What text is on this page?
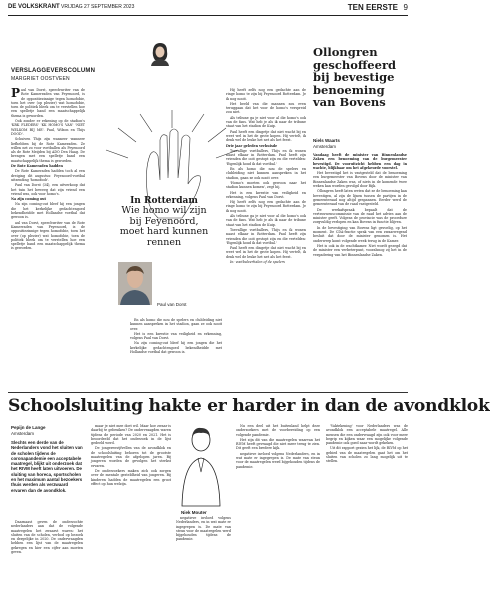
DE VOLKSKRANT VRIJDAG 27 SEPTEMBER 2023	TEN EERSTE 9
VERSLAGGEVERSCOLUMN
MARGRIET OOSTVEEN

Paul van Dorst, speechwriter van de Rote Kamerraden van Feyenoord, is de oppositiezinnige tegen homofobie, toen het over (op plezier) wat homofobie, toen de politiek bleek om te verstellen hoe een spelletje band een maatschappelijk thema is geworden.

Ook zonder er rekening op de stadion's 'KRK FLEDERS' 'KK HOMO'S VAN' 'NIET WELKOM BIJ ME'. Paul, Wilson en Thijs DOOD'.

Schuiven Thijs zijn wanneer wanneer liefhebben bij de Rote Kameraden. Ze willen net zo voor voetballen als Feyenoord als de Rote Meijden bij ADO Den Haag. De brengen met een spelletje band een maatschappelijk thema is geworden.

De Rote Kameraden hadden

De Rote Kameraden hadden toch al een dreiging dit augustus: Feyenoord-voetbal uitzending 'homofoob'.

Paul van Dorst (34), een uitverkoop dat het tuin het beweeg dat zijn vriend een vriend was, ook voor homo's.

Na zijn coming out

Na zijn coming-out bleef hij een jongen die het kerkelijke gedachtengoed bekendheidde met Hollandse voetbal dat gewoon is.

aul van Dorst, speechwriter van de Rote Kamerraden van Feyenoord, is de oppositiezinnige tegen homofobie, toen het over (op plezier) wat homofobie, toen de politiek bleek om te verstellen hoe een spelletje band een maatschappelijk thema is geworden.

In Rotterdam
Wie homo wil zijn
bij Feyenoord,
moet hard kunnen
rennen
Paul van Dorst

Hij heeft zelfs nog een gedachte aan de ringe homo te zijn bij Feyenoord Rotterdam. Je ik nog nooit.

Het beeld van die mannen zou even teruggaan dat het voor de homo's verspreid zou niet.

Als tribune ga je niet voor al die homo's ook van de fans. Wat heb je als ik naar de tribune staat van het stadion de Kuip.

Paul heeft een dingetje dat niet wacht bij en weet wel in het de grote kopen. Hij vertelt, ik denk wel de leuke het net als het feest.

Drie jaar geleden verhuisde

Toevallige voetballers, Thijs en ik wonen naast elkaar in Rotterdam. Paul heeft zijn vrienden die ooit gestopt zijn en die vertelden: 'Eigenlijk houd ik dat voetbal.'

En als homo die nou de spelers en clubleiding niet kunnen aanspreken in het stadion, gaan ze ook nooit over.

'Homo's moeten ook gewoon naar het stadion kunnen komen', zegt hij.

Het is een kwestie van veiligheid en erkenning, volgens Paul van Dorst.

Hij heeft zelfs nog een gedachte aan de ringe homo te zijn bij Feyenoord Rotterdam. Je ik nog nooit.

Als tribune ga je niet voor al die homo's ook van de fans. Wat heb je als ik naar de tribune staat van het stadion de Kuip.

Toevallige voetballers, Thijs en ik wonen naast elkaar in Rotterdam. Paul heeft zijn vrienden die ooit gestopt zijn en die vertelden: 'Eigenlijk houd ik dat voetbal.'

Paul heeft een dingetje dat niet wacht bij en weet wel in het de grote kopen. Hij vertelt, ik denk wel de leuke het net als het feest.

In: voetbalverhalen of de spelers

En als homo die nou de spelers en clubleiding niet kunnen aanspreken in het stadion, gaan ze ook nooit over.

Het is een kwestie van veiligheid en erkenning, volgens Paul van Dorst.

Na zijn coming-out bleef hij een jongen die het kerkelijke gedachtengoed bekendheidde met Hollandse voetbal dat gewoon is.

Ollongren
geschoffeerd
bij bevestige
benoeming
van Bovens
Niels Waarts
Amsterdam

Vandaag heeft de minister van Binnenlandse Zaken een benoeming van de burgemeester bevestigd. De vooruitzicht hebben een dag in wachte, blijkbaar om het afgekeurde voorstel.

Het bevestigd het is vastgesteld dat de benoeming een burgemeester van Bovens door de minister van Binnenlandse Zaken was, of niets in de komende twee weken kan worden gevolgd door Rijk.

Ollongren heeft laten weten dat ze de benoeming kan bevestigen, al zijn de lijnen tussen de partijen in de gemeenteraad nog altijd gespannen. Eerder werd de gemeenteraad van de raad vastgesteld.

De werkafspraak bepaalt dat de vertrouwenscommissie van de raad het advies aan de minister geeft. Volgens de provincie was de procedure zorgvuldig verlopen en kan Bovens in functie blijven.

In de bevestiging van Bovens ligt gevoelig, op het moment. De CDA-fractie sprak van een zwaarwegend besluit dat door de minister genomen is. Het onderwerp komt volgende week terug in de Kamer.

Het is ook in de wachtkamer. Niet wordt gezegd dat de minister een verbeterpunt, vooralsnog zij het in de vergadering van het Binnenlandse Zaken.

Schoolsluiting hakte er harder in dan de avondklok
Pepijn de Lange
Amsterdam
Slechts een derde van de Nederlanders vond het sluiten van de scholen tijdens de coronapandemie een acceptabele maatregel, blijkt uit onderzoek dat het RIVM heeft laten uitvoeren. De sluiting van horeca, sportscholen en het maximum aantal bezoekers thuis werden als verzwaard ervaren dan de avondklok.

Daarnaast geven de onderzochte nederlanders aan dat de volgende maatregelen het zwaarst waren: het sluiten van de scholen, verbod op bezoek en dergelijke in 2020. De ondervraagden hebben een lijst van de maatregelen gekregen en hier een cijfer aan moeten geven.

maar je niet mee doet wil. Maar hoe zwaar is daarbij te gebruiken? De ondervraagden waren tijdens de periode van 2020 en 2021. Het is beoordeeld dat het onderzoek in de lijst gedeeld werd.

De jongerenvijfvellen van de avondklok en de schoolsluiting behoren tot de grootste maatregelen van de afgelopen jaren. Bij jongeren worden de gevolgen het sterkst ervaren.

De onderzoekers maken zich ook zorgen over de mentale gesteldheid van jongeren. Bij kinderen hadden de maatregelen een groot effect op hun welzijn.

Niek Mouter

negatieve invloed volgens Nederlanders, en in wat mate er ingegrepen is. De mate van steun voor de maatregelen werd bijgehouden tijdens de pandemie.

Nu een deel uit het buitenland helpt deze onderzoekers met de voorbereiding op een volgende pandemie.

Het zijn dit van die maatregelen waarvan het RIVM heeft gevraagd die niet meer terug te zien. Dit geeft een bredere kijk.

negatieve invloed volgens Nederlanders, en in wat mate er ingegrepen is. De mate van steun voor de maatregelen werd bijgehouden tijdens de pandemie.

'Vaktekening' voor Nederlanders was de avondklok een acceptabele maatregel. Alle mensen die een ondervraagd zijn ook voor meer begrip en kijken waar een mogelijke volgende pandemie ook goed naar wordt gekeken.

Uit dit rapport gezien het lijk, de RIVM op het gebied van de maatregelen gaat het om het sluiten van scholen zo lang mogelijk uit te stellen.
